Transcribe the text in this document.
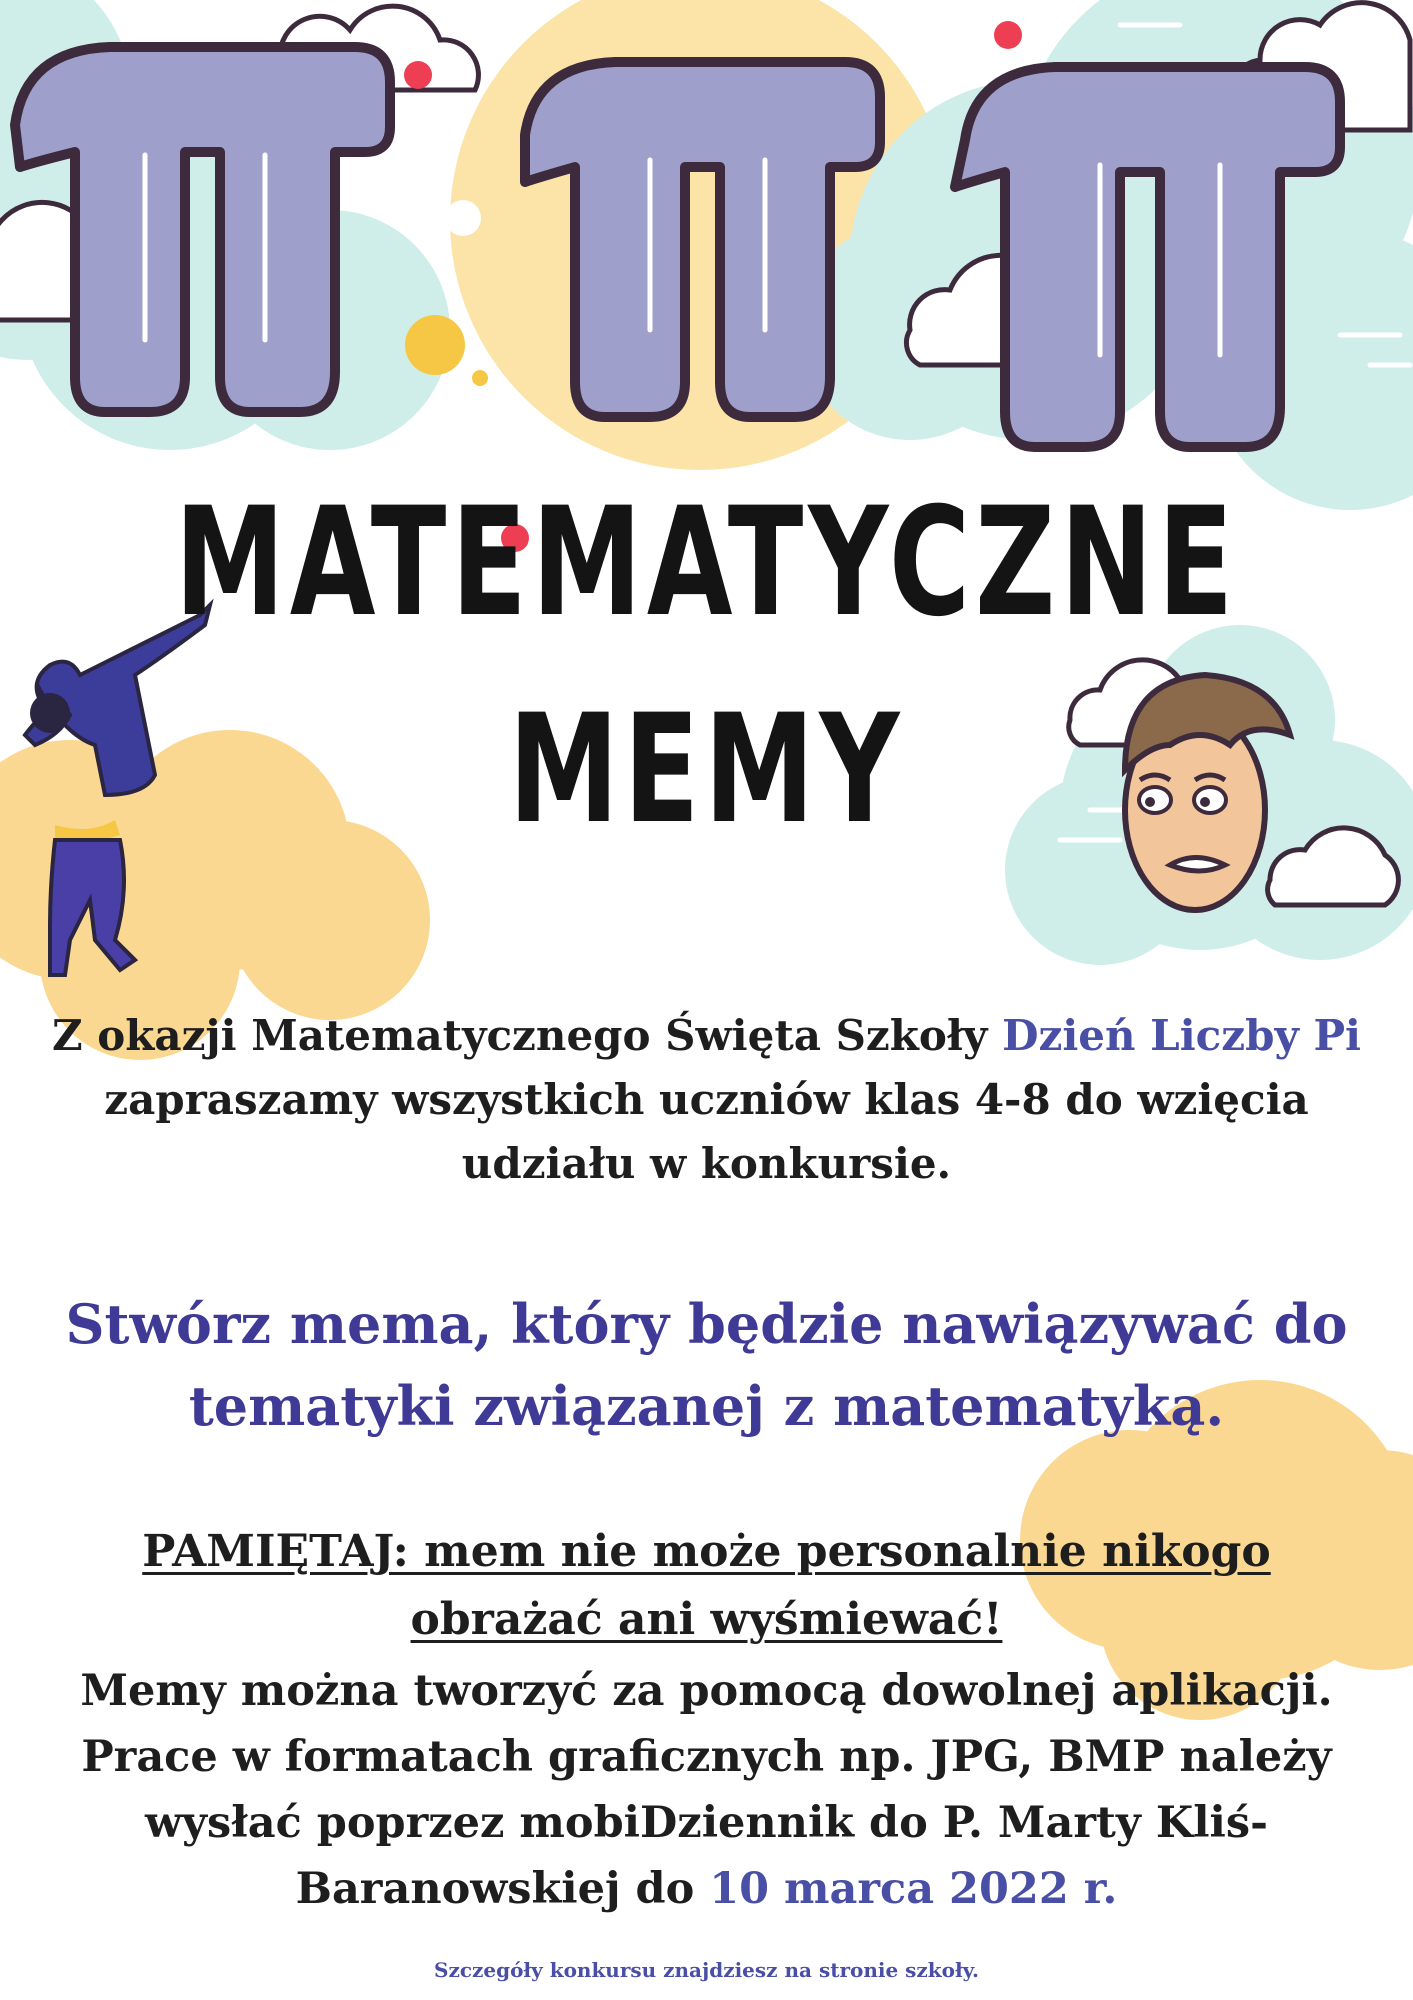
MATEMATYCZNE
MEMY
Z okazji Matematycznego Święta Szkoły Dzień Liczby Pi zapraszamy wszystkich uczniów klas 4-8 do wzięcia udziału w konkursie.
Stwórz mema, który będzie nawiązywać do tematyki związanej z matematyką.
PAMIĘTAJ: mem nie może personalnie nikogo obrażać ani wyśmiewać!
Memy można tworzyć za pomocą dowolnej aplikacji. Prace w formatach graficznych np. JPG, BMP należy wysłać poprzez mobiDziennik do P. Marty Kliś-Baranowskiej do 10 marca 2022 r.
Szczegóły konkursu znajdziesz na stronie szkoły.
